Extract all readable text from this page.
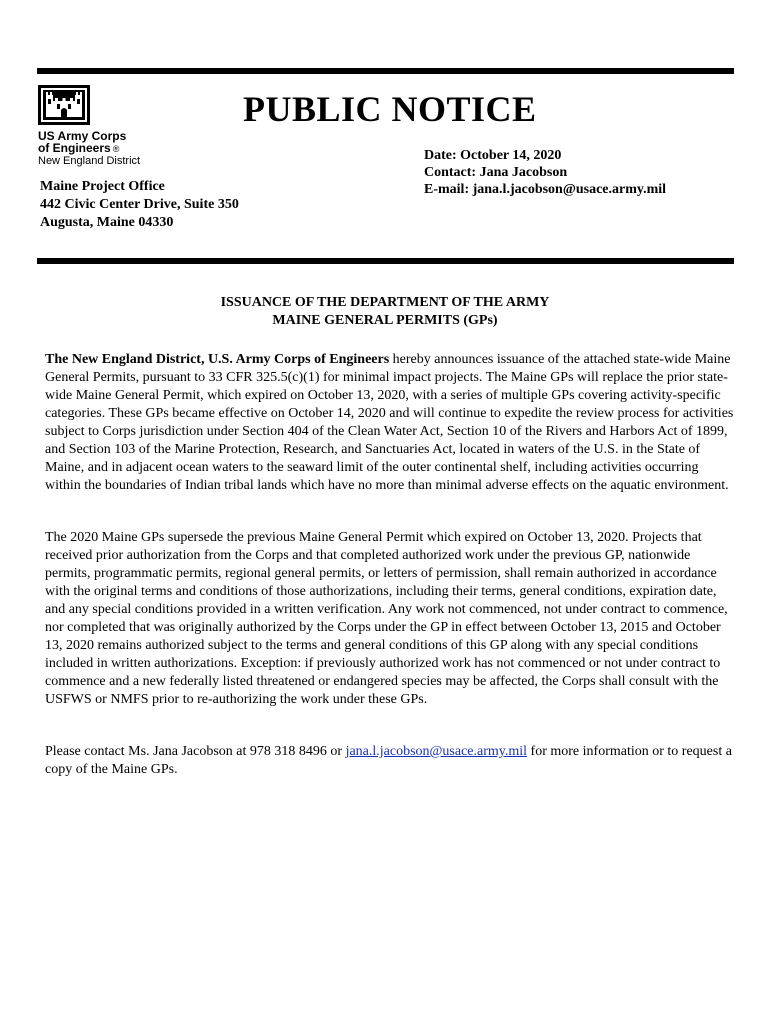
US Army Corps
of Engineers ®
New England District
PUBLIC NOTICE
Maine Project Office
442 Civic Center Drive, Suite 350
Augusta, Maine 04330
Date: October 14, 2020
Contact: Jana Jacobson
E-mail: jana.l.jacobson@usace.army.mil
ISSUANCE OF THE DEPARTMENT OF THE ARMY
MAINE GENERAL PERMITS (GPs)

The New England District, U.S. Army Corps of Engineers hereby announces issuance of the attached state-wide Maine General Permits, pursuant to 33 CFR 325.5(c)(1) for minimal impact projects. The Maine GPs will replace the prior state-wide Maine General Permit, which expired on October 13, 2020, with a series of multiple GPs covering activity-specific categories. These GPs became effective on October 14, 2020 and will continue to expedite the review process for activities subject to Corps jurisdiction under Section 404 of the Clean Water Act, Section 10 of the Rivers and Harbors Act of 1899, and Section 103 of the Marine Protection, Research, and Sanctuaries Act, located in waters of the U.S. in the State of Maine, and in adjacent ocean waters to the seaward limit of the outer continental shelf, including activities occurring within the boundaries of Indian tribal lands which have no more than minimal adverse effects on the aquatic environment.

The 2020 Maine GPs supersede the previous Maine General Permit which expired on October 13, 2020. Projects that received prior authorization from the Corps and that completed authorized work under the previous GP, nationwide permits, programmatic permits, regional general permits, or letters of permission, shall remain authorized in accordance with the original terms and conditions of those authorizations, including their terms, general conditions, expiration date, and any special conditions provided in a written verification. Any work not commenced, not under contract to commence, nor completed that was originally authorized by the Corps under the GP in effect between October 13, 2015 and October 13, 2020 remains authorized subject to the terms and general conditions of this GP along with any special conditions included in written authorizations. Exception: if previously authorized work has not commenced or not under contract to commence and a new federally listed threatened or endangered species may be affected, the Corps shall consult with the USFWS or NMFS prior to re-authorizing the work under these GPs.

Please contact Ms. Jana Jacobson at 978 318 8496 or jana.l.jacobson@usace.army.mil for more information or to request a copy of the Maine GPs.
